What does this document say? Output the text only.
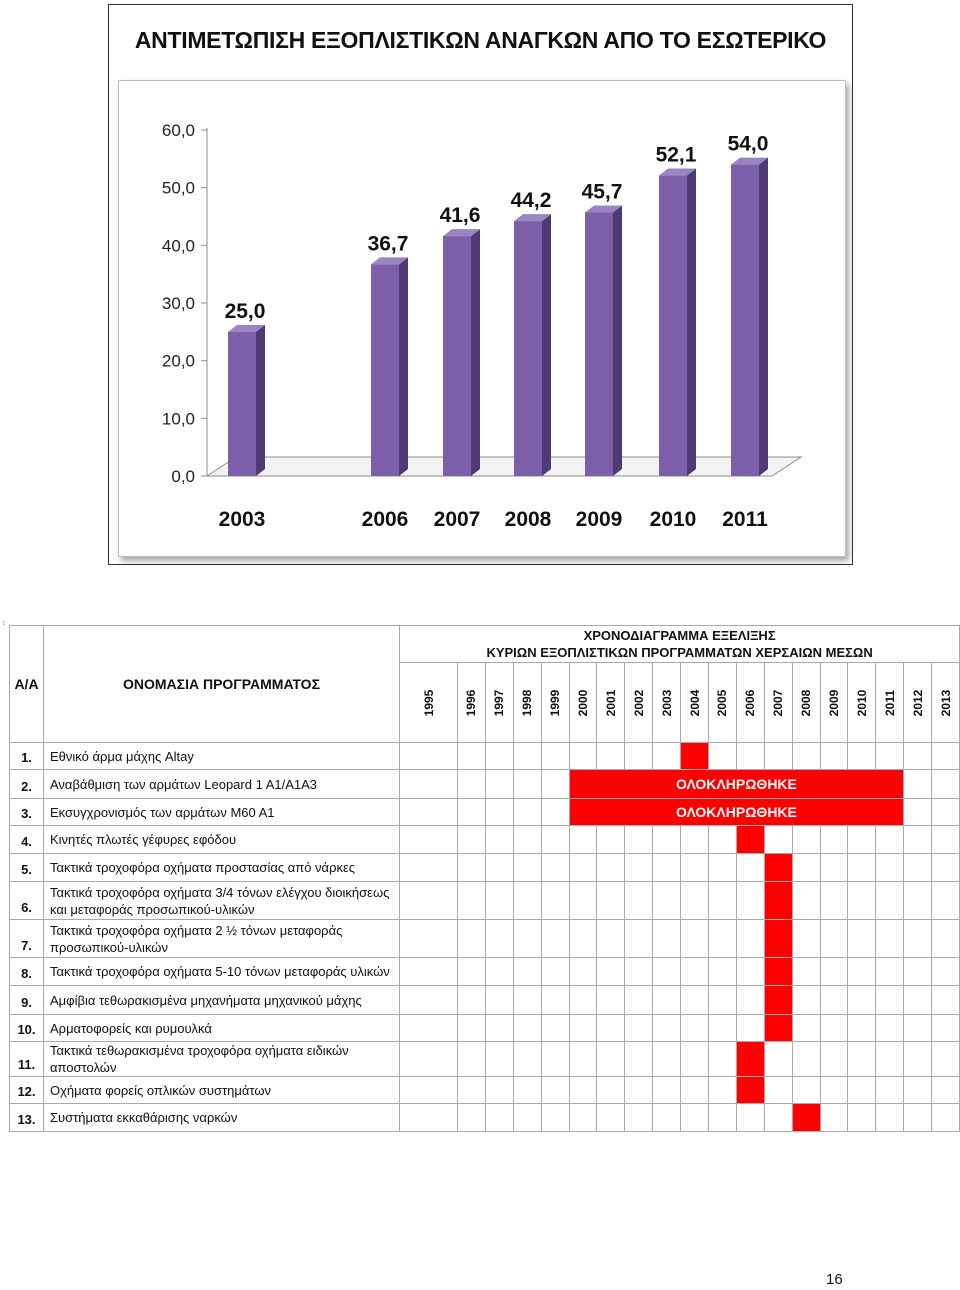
ΑΝΤΙΜΕΤΩΠΙΣΗ ΕΞΟΠΛΙΣΤΙΚΩΝ ΑΝΑΓΚΩΝ ΑΠΟ ΤΟ ΕΣΩΤΕΡΙΚΟ
0,0
10,0
20,0
30,0
40,0
50,0
60,0
25,0
2003
36,7
2006
41,6
2007
44,2
2008
45,7
2009
52,1
2010
54,0
2011
↕
Α/Α	ΟΝΟΜΑΣΙΑ ΠΡΟΓΡΑΜΜΑΤΟΣ	ΧΡΟΝΟΔΙΑΓΡΑΜΜΑ ΕΞΕΛΙΞΗΣ
ΚΥΡΙΩΝ ΕΞΟΠΛΙΣΤΙΚΩΝ ΠΡΟΓΡΑΜΜΑΤΩΝ ΧΕΡΣΑΙΩΝ ΜΕΣΩΝ																		

		1995	1996	1997	1998	1999	2000	2001	2002	2003	2004	2005	2006	2007	2008	2009	2010	2011	2012	2013

1.	Εθνικό άρμα μάχης Altay																			
2.	Αναβάθμιση των αρμάτων Leopard 1 A1/A1A3						ΟΛΟΚΛΗΡΩΘΗΚΕ													
3.	Εκσυγχρονισμός των αρμάτων M60 A1						ΟΛΟΚΛΗΡΩΘΗΚΕ													
4.	Κινητές πλωτές γέφυρες εφόδου																			
5.	Τακτικά τροχοφόρα οχήματα προστασίας από νάρκες																			
6.	Τακτικά τροχοφόρα οχήματα 3/4 τόνων ελέγχου διοικήσεως και μεταφοράς προσωπικού-υλικών																			
7.	Τακτικά τροχοφόρα οχήματα 2 ½ τόνων μεταφοράς προσωπικού-υλικών																			
8.	Τακτικά τροχοφόρα οχήματα 5-10 τόνων μεταφοράς υλικών																			
9.	Αμφίβια τεθωρακισμένα μηχανήματα μηχανικού μάχης																			
10.	Αρματοφορείς και ρυμουλκά																			
11.	Τακτικά τεθωρακισμένα τροχοφόρα οχήματα ειδικών αποστολών																			
12.	Οχήματα φορείς οπλικών συστημάτων																			
13.	Συστήματα εκκαθάρισης ναρκών																			
16
